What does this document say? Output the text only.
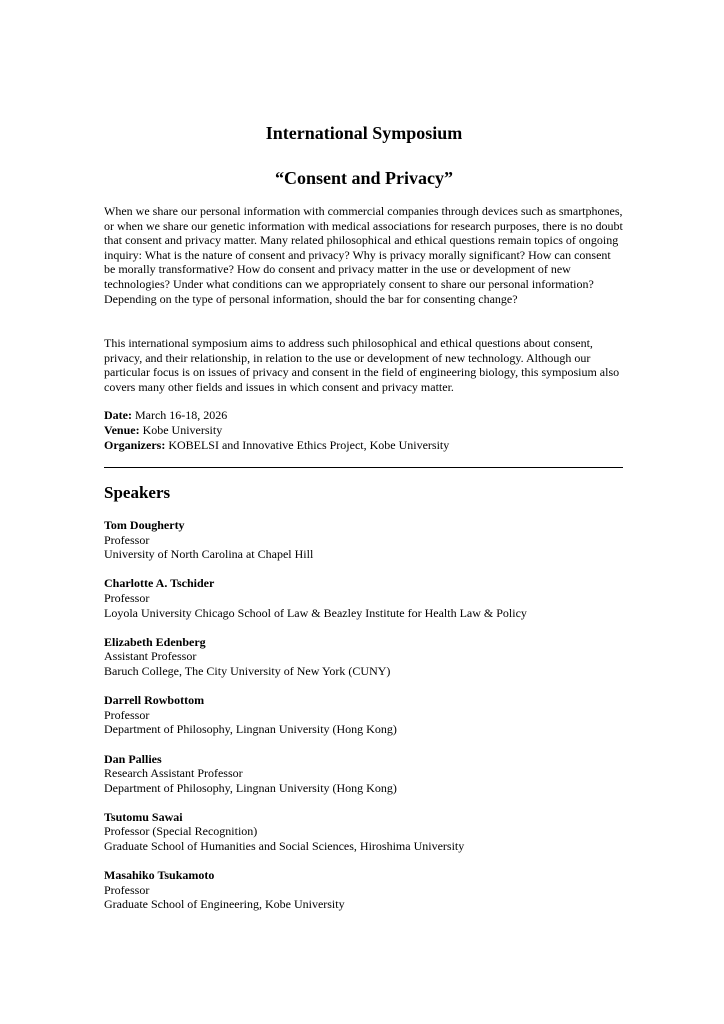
International Symposium
“Consent and Privacy”

When we share our personal information with commercial companies through devices such as smartphones, or when we share our genetic information with medical associations for research purposes, there is no doubt that consent and privacy matter. Many related philosophical and ethical questions remain topics of ongoing inquiry: What is the nature of consent and privacy? Why is privacy morally significant? How can consent be morally transformative? How do consent and privacy matter in the use or development of new technologies? Under what conditions can we appropriately consent to share our personal information? Depending on the type of personal information, should the bar for consenting change?

This international symposium aims to address such philosophical and ethical questions about consent, privacy, and their relationship, in relation to the use or development of new technology. Although our particular focus is on issues of privacy and consent in the field of engineering biology, this symposium also covers many other fields and issues in which consent and privacy matter.

Date: March 16-18, 2026
Venue: Kobe University
Organizers: KOBELSI and Innovative Ethics Project, Kobe University
Speakers
Tom Dougherty
Professor
University of North Carolina at Chapel Hill
Charlotte A. Tschider
Professor
Loyola University Chicago School of Law & Beazley Institute for Health Law & Policy
Elizabeth Edenberg
Assistant Professor
Baruch College, The City University of New York (CUNY)
Darrell Rowbottom
Professor
Department of Philosophy, Lingnan University (Hong Kong)
Dan Pallies
Research Assistant Professor
Department of Philosophy, Lingnan University (Hong Kong)
Tsutomu Sawai
Professor (Special Recognition)
Graduate School of Humanities and Social Sciences, Hiroshima University
Masahiko Tsukamoto
Professor
Graduate School of Engineering, Kobe University
